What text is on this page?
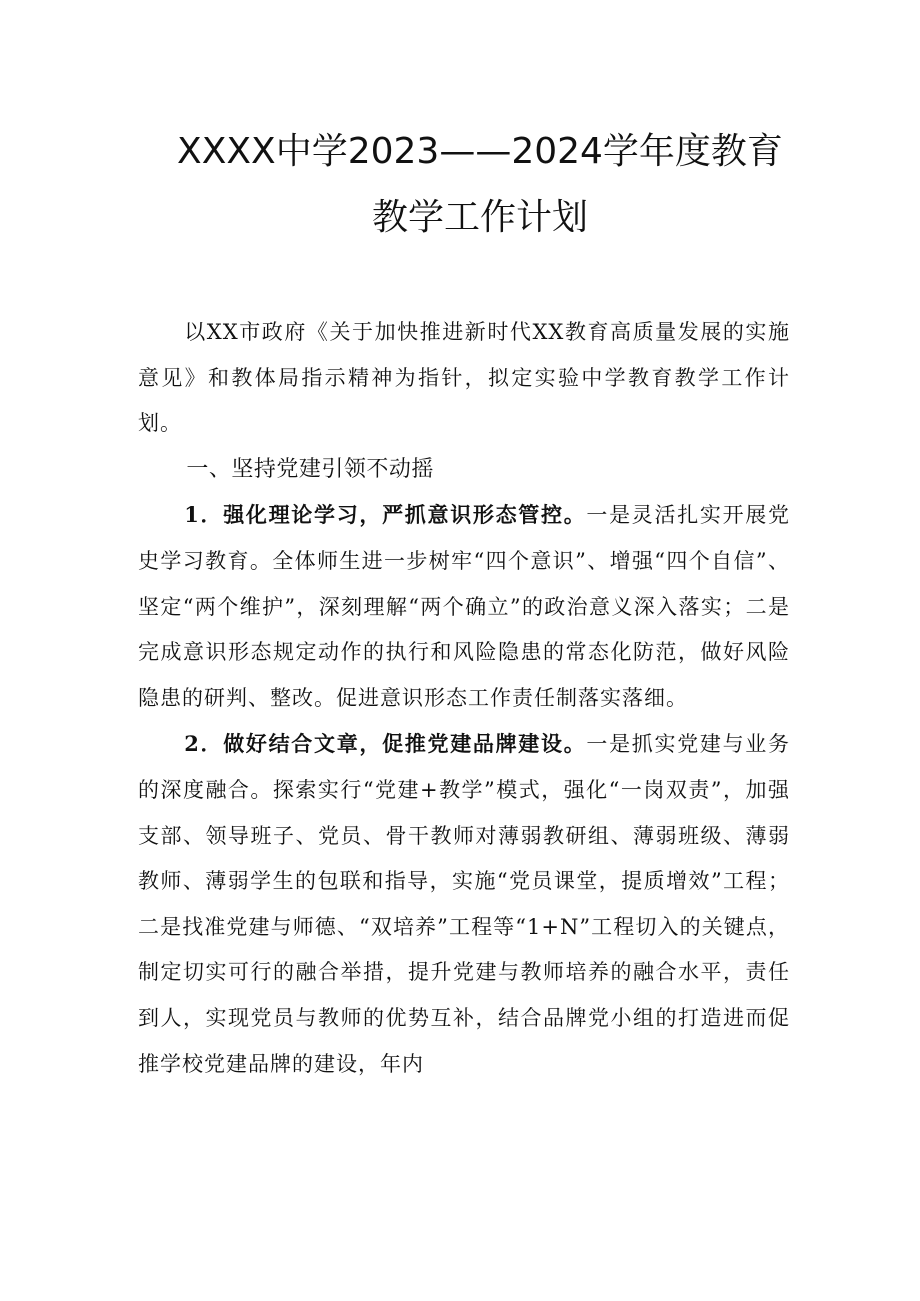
XXXX中学2023——2024学年度教育
教学工作计划

以XX市政府《关于加快推进新时代XX教育高质量发展的实施意见》和教体局指示精神为指针，拟定实验中学教育教学工作计划。

一、坚持党建引领不动摇

1．强化理论学习，严抓意识形态管控。一是灵活扎实开展党史学习教育。全体师生进一步树牢“四个意识”、增强“四个自信”、坚定“两个维护”，深刻理解“两个确立”的政治意义深入落实；二是完成意识形态规定动作的执行和风险隐患的常态化防范，做好风险隐患的研判、整改。促进意识形态工作责任制落实落细。

2．做好结合文章，促推党建品牌建设。一是抓实党建与业务的深度融合。探索实行“党建+教学”模式，强化“一岗双责”，加强支部、领导班子、党员、骨干教师对薄弱教研组、薄弱班级、薄弱教师、薄弱学生的包联和指导，实施“党员课堂，提质增效”工程；二是找准党建与师德、“双培养”工程等“1+N”工程切入的关键点，制定切实可行的融合举措，提升党建与教师培养的融合水平，责任到人，实现党员与教师的优势互补，结合品牌党小组的打造进而促推学校党建品牌的建设，年内
